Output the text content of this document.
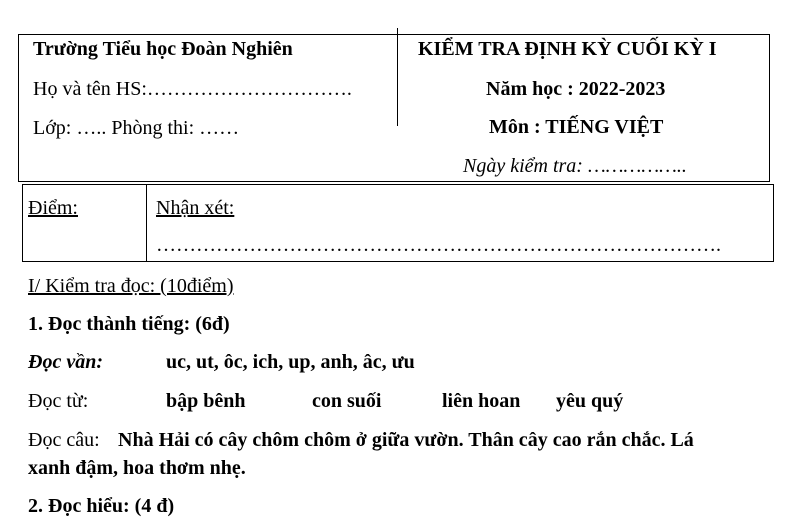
Trường Tiểu học Đoàn Nghiên
Họ và tên HS:………………………….
Lớp: ….. Phòng thi: ……
KIỂM TRA ĐỊNH KỲ CUỐI KỲ I
Năm học : 2022-2023
Môn : TIẾNG VIỆT
Ngày kiểm tra: ……………..
Điểm:	Nhận xét:
………………………………………………………………………….
I/ Kiểm tra đọc: (10điểm)
1. Đọc thành tiếng: (6đ)
Đọc vần:	uc, ut, ôc, ich, up, anh, âc, ưu
Đọc từ:	bập bênh	con suối	liên hoan yêu quý
Đọc câu: Nhà Hải có cây chôm chôm ở giữa vườn. Thân cây cao rắn chắc. Lá
xanh đậm, hoa thơm nhẹ.
2. Đọc hiểu: (4 đ)
